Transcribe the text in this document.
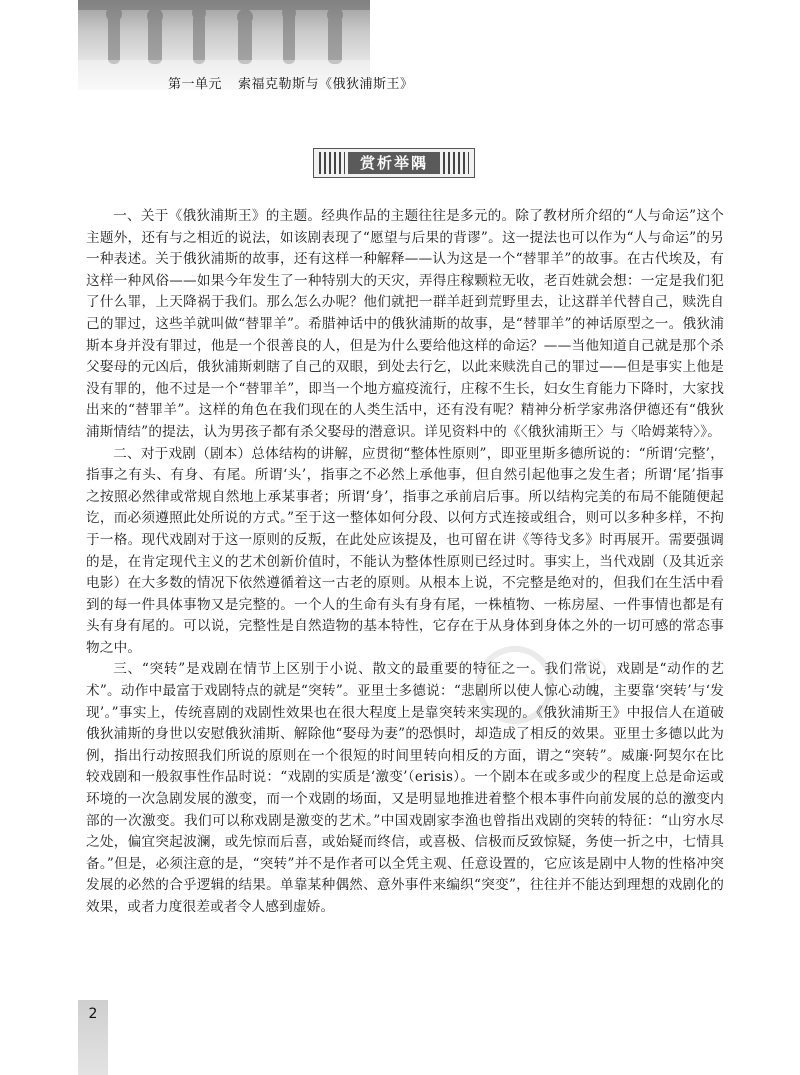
第一单元 索福克勒斯与《俄狄浦斯王》
赏析举隅

一、关于《俄狄浦斯王》的主题。经典作品的主题往往是多元的。除了教材所介绍的“人与命运”这个主题外，还有与之相近的说法，如该剧表现了“愿望与后果的背谬”。这一提法也可以作为“人与命运”的另一种表述。关于俄狄浦斯的故事，还有这样一种解释——认为这是一个“替罪羊”的故事。在古代埃及，有这样一种风俗——如果今年发生了一种特别大的天灾，弄得庄稼颗粒无收，老百姓就会想：一定是我们犯了什么罪，上天降祸于我们。那么怎么办呢？他们就把一群羊赶到荒野里去，让这群羊代替自己，赎洗自己的罪过，这些羊就叫做“替罪羊”。希腊神话中的俄狄浦斯的故事，是“替罪羊”的神话原型之一。俄狄浦斯本身并没有罪过，他是一个很善良的人，但是为什么要给他这样的命运？——当他知道自己就是那个杀父娶母的元凶后，俄狄浦斯刺瞎了自己的双眼，到处去行乞，以此来赎洗自己的罪过——但是事实上他是没有罪的，他不过是一个“替罪羊”，即当一个地方瘟疫流行，庄稼不生长，妇女生育能力下降时，大家找出来的“替罪羊”。这样的角色在我们现在的人类生活中，还有没有呢？精神分析学家弗洛伊德还有“俄狄浦斯情结”的提法，认为男孩子都有杀父娶母的潜意识。详见资料中的《〈俄狄浦斯王〉与〈哈姆莱特〉》。

二、对于戏剧（剧本）总体结构的讲解，应贯彻“整体性原则”，即亚里斯多德所说的：“所谓‘完整’，指事之有头、有身、有尾。所谓‘头’，指事之不必然上承他事，但自然引起他事之发生者；所谓‘尾’指事之按照必然律或常规自然地上承某事者；所谓‘身’，指事之承前启后事。所以结构完美的布局不能随便起讫，而必须遵照此处所说的方式。”至于这一整体如何分段、以何方式连接或组合，则可以多种多样，不拘于一格。现代戏剧对于这一原则的反叛，在此处应该提及，也可留在讲《等待戈多》时再展开。需要强调的是，在肯定现代主义的艺术创新价值时，不能认为整体性原则已经过时。事实上，当代戏剧（及其近亲电影）在大多数的情况下依然遵循着这一古老的原则。从根本上说，不完整是绝对的，但我们在生活中看到的每一件具体事物又是完整的。一个人的生命有头有身有尾，一株植物、一栋房屋、一件事情也都是有头有身有尾的。可以说，完整性是自然造物的基本特性，它存在于从身体到身体之外的一切可感的常态事物之中。

三、“突转”是戏剧在情节上区别于小说、散文的最重要的特征之一。我们常说，戏剧是“动作的艺术”。动作中最富于戏剧特点的就是“突转”。亚里士多德说：“悲剧所以使人惊心动魄，主要靠‘突转’与‘发现’。”事实上，传统喜剧的戏剧性效果也在很大程度上是靠突转来实现的。《俄狄浦斯王》中报信人在道破俄狄浦斯的身世以安慰俄狄浦斯、解除他“娶母为妻”的恐惧时，却造成了相反的效果。亚里士多德以此为例，指出行动按照我们所说的原则在一个很短的时间里转向相反的方面，谓之“突转”。威廉·阿契尔在比较戏剧和一般叙事性作品时说：“戏剧的实质是‘激变’（erisis）。一个剧本在或多或少的程度上总是命运或环境的一次急剧发展的激变，而一个戏剧的场面，又是明显地推进着整个根本事件向前发展的总的激变内部的一次激变。我们可以称戏剧是激变的艺术。”中国戏剧家李渔也曾指出戏剧的突转的特征：“山穷水尽之处，偏宜突起波澜，或先惊而后喜，或始疑而终信，或喜极、信极而反致惊疑，务使一折之中，七情具备。”但是，必须注意的是，“突转”并不是作者可以全凭主观、任意设置的，它应该是剧中人物的性格冲突发展的必然的合乎逻辑的结果。单靠某种偶然、意外事件来编织“突变”，往往并不能达到理想的戏剧化的效果，或者力度很差或者令人感到虚娇。

2
